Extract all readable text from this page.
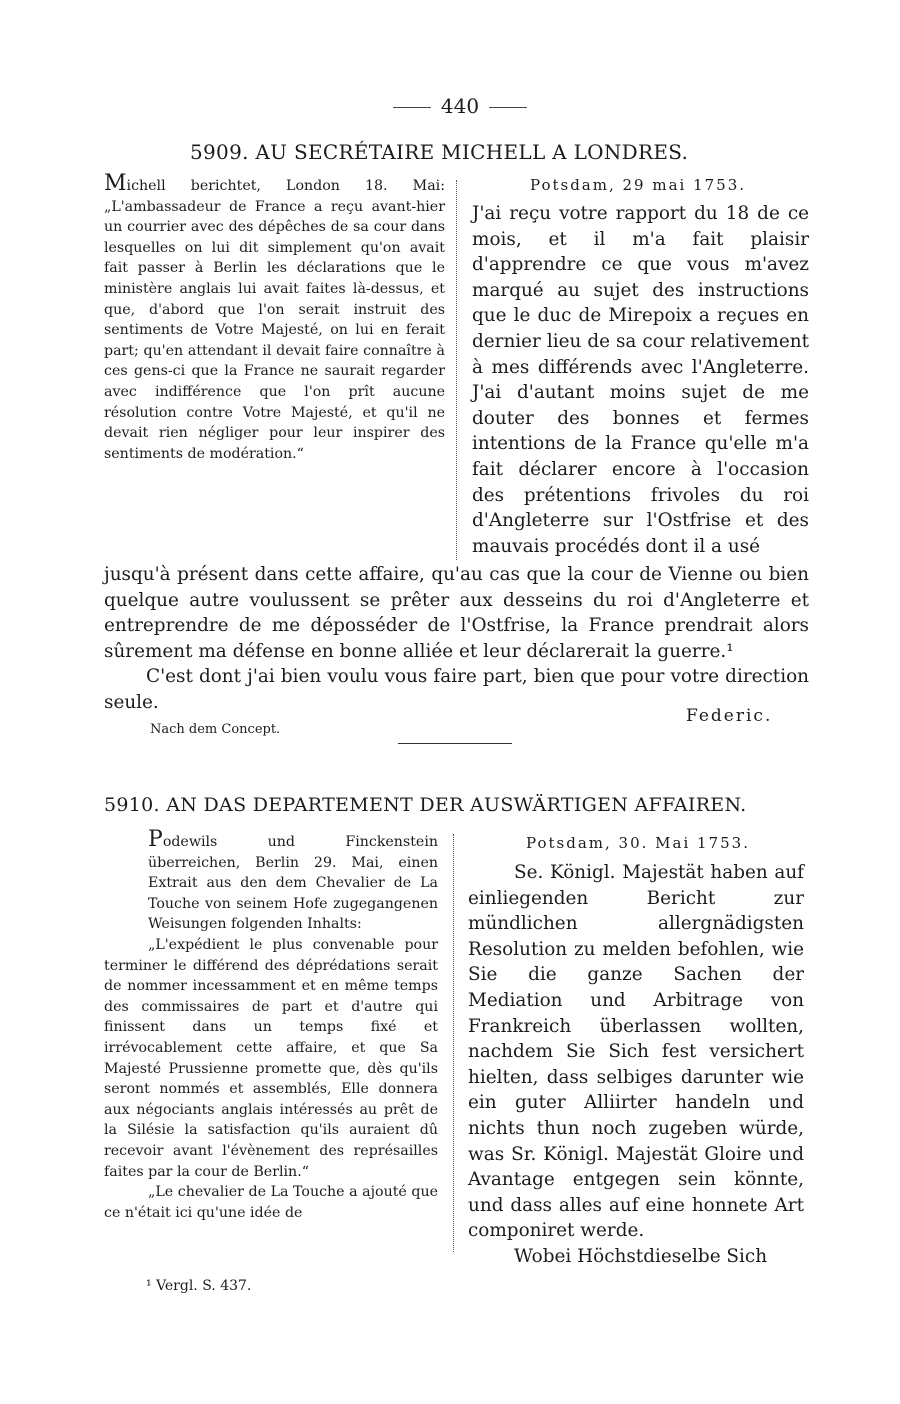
440
5909. AU SECRÉTAIRE MICHELL A LONDRES.

Michell berichtet, London 18. Mai: „L'ambassadeur de France a reçu avant-hier un courrier avec des dépêches de sa cour dans lesquelles on lui dit simplement qu'on avait fait passer à Berlin les déclarations que le ministère anglais lui avait faites là-dessus, et que, d'abord que l'on serait instruit des sentiments de Votre Majesté, on lui en ferait part; qu'en attendant il devait faire connaître à ces gens-ci que la France ne saurait regarder avec indifférence que l'on prît aucune résolution contre Votre Majesté, et qu'il ne devait rien négliger pour leur inspirer des sentiments de modération.“

Potsdam, 29 mai 1753.

J'ai reçu votre rapport du 18 de ce mois, et il m'a fait plaisir d'apprendre ce que vous m'avez marqué au sujet des instructions que le duc de Mirepoix a reçues en dernier lieu de sa cour relativement à mes différends avec l'Angleterre. J'ai d'autant moins sujet de me douter des bonnes et fermes intentions de la France qu'elle m'a fait déclarer encore à l'occasion des prétentions frivoles du roi d'Angleterre sur l'Ostfrise et des mauvais procédés dont il a usé

jusqu'à présent dans cette affaire, qu'au cas que la cour de Vienne ou bien quelque autre voulussent se prêter aux desseins du roi d'Angleterre et entreprendre de me déposséder de l'Ostfrise, la France prendrait alors sûrement ma défense en bonne alliée et leur déclarerait la guerre.¹

C'est dont j'ai bien voulu vous faire part, bien que pour votre direction seule.

Federic.
Nach dem Concept.
5910. AN DAS DEPARTEMENT DER AUSWÄRTIGEN AFFAIREN.

Podewils und Finckenstein überreichen, Berlin 29. Mai, einen Extrait aus den dem Chevalier de La Touche von seinem Hofe zugegangenen Weisungen folgenden Inhalts:

„L'expédient le plus convenable pour terminer le différend des déprédations serait de nommer incessamment et en même temps des commissaires de part et d'autre qui finissent dans un temps fixé et irrévocablement cette affaire, et que Sa Majesté Prussienne promette que, dès qu'ils seront nommés et assemblés, Elle donnera aux négociants anglais intéressés au prêt de la Silésie la satisfaction qu'ils auraient dû recevoir avant l'évènement des représailles faites par la cour de Berlin.“

„Le chevalier de La Touche a ajouté que ce n'était ici qu'une idée de

Potsdam, 30. Mai 1753.

Se. Königl. Majestät haben auf einliegenden Bericht zur mündlichen allergnädigsten Resolution zu melden befohlen, wie Sie die ganze Sachen der Mediation und Arbitrage von Frankreich überlassen wollten, nachdem Sie Sich fest versichert hielten, dass selbiges darunter wie ein guter Alliirter handeln und nichts thun noch zugeben würde, was Sr. Königl. Majestät Gloire und Avantage entgegen sein könnte, und dass alles auf eine honnete Art componiret werde.

Wobei Höchstdieselbe Sich

¹ Vergl. S. 437.
